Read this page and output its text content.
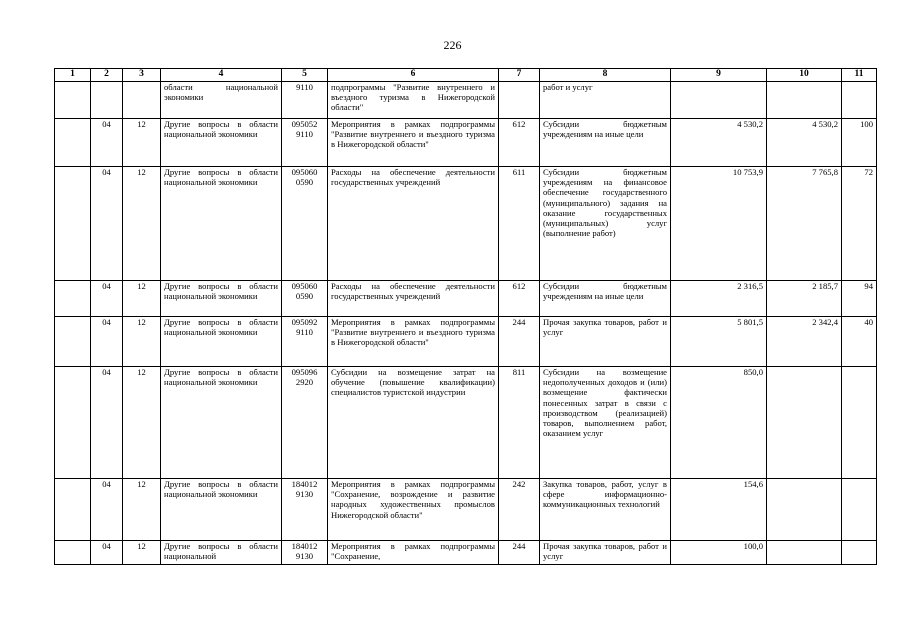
226
1	2	3	4	5	6	7	8	9	10	11
			области национальной экономики	9110	подпрограммы "Развитие внутреннего и въездного туризма в Нижегородской области"		работ и услуг			
	04	12	Другие вопросы в области национальной экономики	095052 9110	Мероприятия в рамках подпрограммы "Развитие внутреннего и въездного туризма в Нижегородской области"	612	Субсидии бюджетным учреждениям на иные цели	4 530,2	4 530,2	100
	04	12	Другие вопросы в области национальной экономики	095060 0590	Расходы на обеспечение деятельности государственных учреждений	611	Субсидии бюджетным учреждениям на финансовое обеспечение государственного (муниципального) задания на оказание государственных (муниципальных) услуг (выполнение работ)	10 753,9	7 765,8	72
	04	12	Другие вопросы в области национальной экономики	095060 0590	Расходы на обеспечение деятельности государственных учреждений	612	Субсидии бюджетным учреждениям на иные цели	2 316,5	2 185,7	94
	04	12	Другие вопросы в области национальной экономики	095092 9110	Мероприятия в рамках подпрограммы "Развитие внутреннего и въездного туризма в Нижегородской области"	244	Прочая закупка товаров, работ и услуг	5 801,5	2 342,4	40
	04	12	Другие вопросы в области национальной экономики	095096 2920	Субсидии на возмещение затрат на обучение (повышение квалификации) специалистов туристской индустрии	811	Субсидии на возмещение недополученных доходов и (или) возмещение фактически понесенных затрат в связи с производством (реализацией) товаров, выполнением работ, оказанием услуг	850,0		
	04	12	Другие вопросы в области национальной экономики	184012 9130	Мероприятия в рамках подпрограммы "Сохранение, возрождение и развитие народных художественных промыслов Нижегородской области"	242	Закупка товаров, работ, услуг в сфере информационно-коммуникационных технологий	154,6		
	04	12	Другие вопросы в области национальной	184012 9130	Мероприятия в рамках подпрограммы "Сохранение,	244	Прочая закупка товаров, работ и услуг	100,0		
